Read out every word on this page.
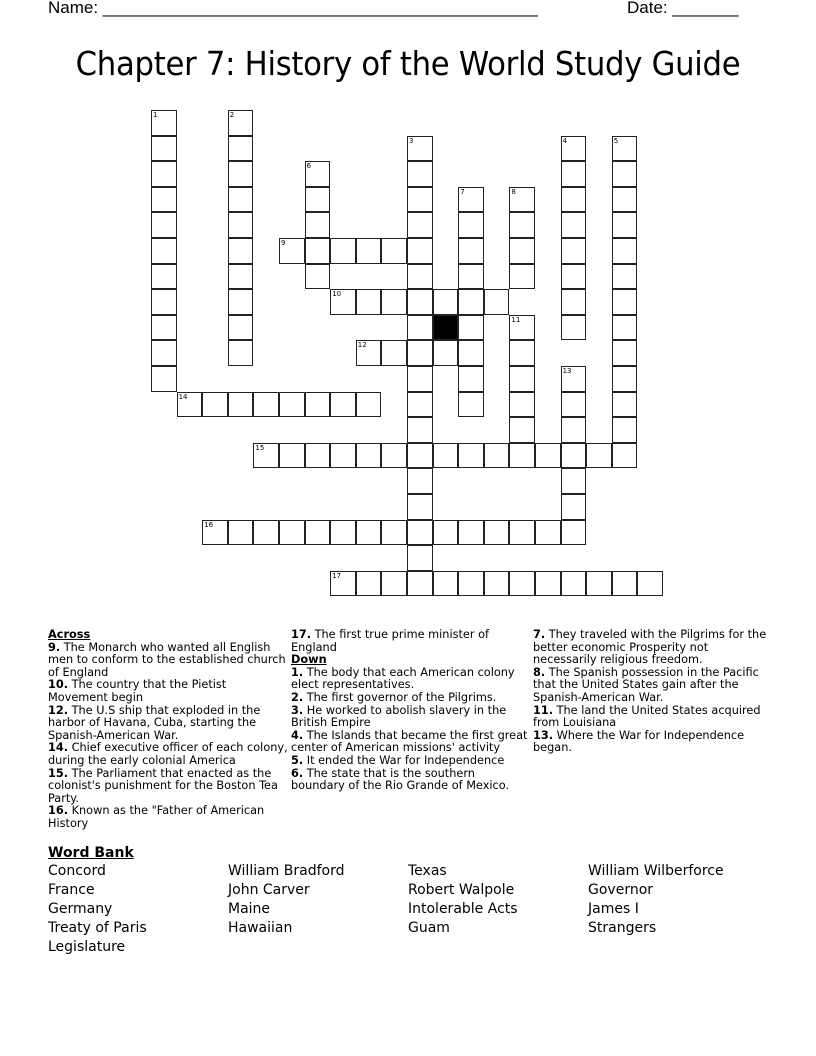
Name: ______________________________________________	Date: _______
Chapter 7: History of the World Study Guide
1	2
3	4	5
6
7	8
9
10
11
12
13
14
15
16
17
Across
9. The Monarch who wanted all English men to conform to the established church of England
10. The country that the Pietist Movement begin
12. The U.S ship that exploded in the harbor of Havana, Cuba, starting the Spanish-American War.
14. Chief executive officer of each colony, during the early colonial America
15. The Parliament that enacted as the colonist's punishment for the Boston Tea Party.
16. Known as the "Father of American History
17. The first true prime minister of England
Down
1. The body that each American colony elect representatives.
2. The first governor of the Pilgrims.
3. He worked to abolish slavery in the British Empire
4. The Islands that became the first great center of American missions' activity
5. It ended the War for Independence
6. The state that is the southern boundary of the Rio Grande of Mexico.
7. They traveled with the Pilgrims for the better economic Prosperity not necessarily religious freedom.
8. The Spanish possession in the Pacific that the United States gain after the Spanish-American War.
11. The land the United States acquired from Louisiana
13. Where the War for Independence began.
Word Bank
Concord
France
Germany
Treaty of Paris
Legislature
William Bradford
John Carver
Maine
Hawaiian
Texas
Robert Walpole
Intolerable Acts
Guam
William Wilberforce
Governor
James I
Strangers
